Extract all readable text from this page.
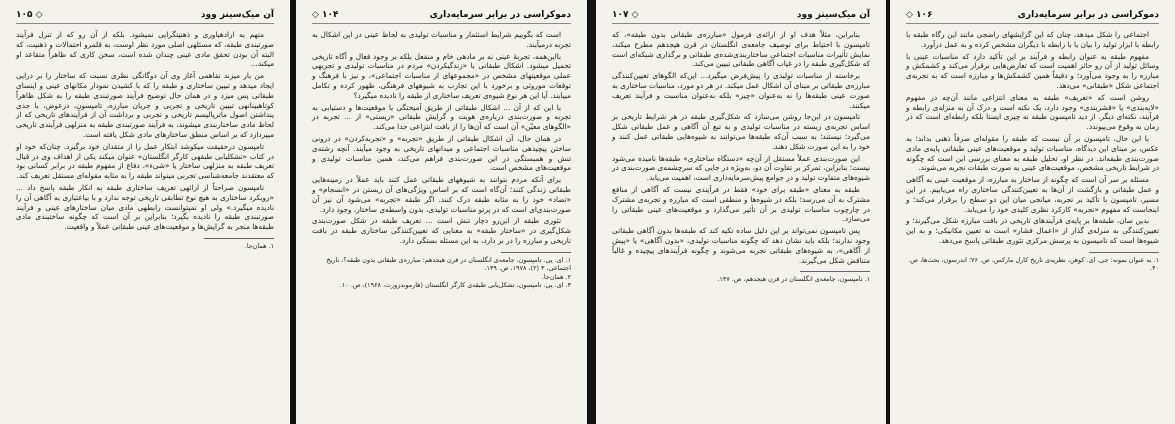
آن میک‌سینز وود
۱۰۵ ◇

متهم به ارادهباوری و ذهنیتگرایی نمیشود. بلکه از آن رو که از تنزل فرآیند صورتبندی طبقه، که مسئلهی اصلی مورد نظر اوست، به قلمرو احتمالات و ذهنیت، که البته آن بودن تحقق مادی عینی چندان شده است، سخن کاری که ظاهراً متقاعد او میکند...

من بار میزند تفاهمی آغاز وی آن دوگانگی نظری نسبت که ساختار را بر درایی ایجاد میدهد و تبیین ساختاری و طبقه را که با کشیدن نمودار مکانهای عینی و اینسای طبقاتی پس میزد و در همان حال توضیح فرآیند صورتبندی طبقه را به شکل ظاهراً کوتاهبینانهی تبیین تاریخی و تجربی و جریان مبارزه، تامپسون، درعوض، با جدی پنداشتن اصول ماتریالیسم تاریخی و تجربی و برداشت آن از فرآیندهای تاریخی که از لحاظ مادی ساختاربندی میشوند، به فرآیند صورتبندی طبقه به منزلهی فرآیندی تاریخی میپردازد که بر اساس منطق ساختارهای مادی شکل یافته است.

تامپسون درحقیقت میکوشد ابتکار عمل را از متقدان خود برگیرد. چنان‌که خود او در کتاب «تشکلیابی طبقهی کارگر انگلستان» عنوان میکند یکی از اهداف وی در قبال تعریف طبقه به منزلهی ساختار یا «شیء»، دفاع از مفهوم طبقه در برابر کسانی بود که معتقدند جامعه‌شناسی تجربی میتواند طبقه را به مثابه مقوله‌ای مستقل تعریف کند.

تامپسون صراحتاً از ارائهی تعریف ساختاری طبقه به انکار طبقه پاسخ داد ... «رویکرد ساختاری به هیچ نوع تطابقی تاریخی توجه ندارد و با بیاعتباری به آگاهی آن را نادیده میگیرد.» ولی او نمیتوانست رابطهی مادی میان ساختارهای عینی و فرآیند صورتبندی طبقه را نادیده بگیرد؛ بنابراین بر آن است که چگونه ساختبندی مادی طبقه‌ها منجر به گرایش‌ها و موقعیت‌های عینی طبقاتی عملاً و واقعیت.

۱. همان‌جا.
دموکراسی در برابر سرمایه‌داری
◇ ۱۰۴

است که بگوییم شرایط استثمار و مناسبات تولیدی به لحاظ عینی در این اشکال به تجربه درمیآیند.

بااین‌همه، تجربهٔ عینی نه بر مادهی خام و منفعل بلکه بر وجود فعال و آگاه تاریخی تحمیل میشود. اشکال طبقاتی با «زندگیکردن» مردم در مناسبات تولیدی و تجربهی عملی موقعیتهای مشخص در «مجموعهای از مناسبات اجتماعی»، و نیز با فرهنگ و توقعات موروثی و برخورد با این تجارب به شیوههای فرهنگی، ظهور کرده و تکامل مییابند. آیا این هر نوع شیوه‌ی تعریف ساختاری از طبقه را نادیده میگیرد؟

با این که از آن ... اشکال طبقاتی از طریق آمیختگی با موقعیت‌ها و دستیابی به تجربه و صورت‌بندی درباره‌ی هویت و گرایش طبقاتی «زیستی» از ... تجربه در «الگوهای معیّن» آن است که آن‌ها را از بافت انتزاعی جدا می‌کند.

در همان حال، آن اشکال طبقاتی از طریق «تجربه» و «تجربه‌کردن» در درونی ساختن پیچیدهی مناسبات اجتماعی و میدانهای تاریخی به وجود میآیند. آنچه رشته‌ی تنش و همبستگی در این صورت‌بندی فراهم می‌کند، همین مناسبات تولیدی و موقعیت‌های مشخص است.

برای آنکه مردم بتوانند به شیوههای طبقاتی عمل کنند باید عملاً در زمینه‌هایی طبقاتی زندگی کنند؛ آن‌گاه است که بر اساس ویژگی‌های آن زیستن در «انسجام» و «تضاد» خود را به مثابه طبقه درک کنند. اگر طبقه «تجربه» می‌شود آن نیز آن صورت‌بندی‌ای است که در پرتو مناسبات تولیدی، بدون واسطه‌ی ساختار، وجود دارد.

تئوری طبقه از این‌رو دچار تنش است ... تعریف طبقه در شکل صورت‌بندی شکل‌گیری در «ساختار طبقه» به معنایی که تعیین‌کنندگی ساختاری طبقه در بافت تاریخی و مبارزه را در بر دارد، به این مسئله بستگی دارد.

۱. ای. پی. تامپسون، جامعه‌ی انگلستان در قرن هیجدهم: مبارزه‌ی طبقاتی بدون طبقه؟، تاریخ اجتماعی، ۳ (۲)، ۱۹۷۸، ص. ۱۴۹.
۲. همان‌جا.
۳. ای. پی. تامپسون، تشکل‌یابی طبقه‌ی کارگر انگلستان (هارموندزورث، ۱۹۶۸)، ص. ۱۰.
آن میک‌سینز وود
۱۰۷ ◇

بنابراین، مثلاً هدف او از ارائه‌ی فرمول «مبارزه‌ی طبقاتی بدون طبقه»، که تامپسون با احتیاط برای توصیف جامعه‌ی انگلستان در قرن هیجدهم مطرح میکند، نمایش تأثیرات مناسبات اجتماعی ساختاربندی‌شده‌ی طبقاتی و برگذاری شبکه‌ای است که شکل‌گیری طبقه را در غیاب آگاهی طبقاتی تبیین می‌کند.

برخاسته از مناسبات تولیدی را پیش‌فرض میگیرد... این‌که الگوهای تعیین‌کنندگی مبارزه‌ی طبقاتی بر مبنای آن اشکال عمل میکند. در هر دو مورد، مناسبات ساختاری به صورت عینی طبقه‌ها را نه به‌عنوان «چیز» بلکه به‌عنوان مناسبت و فرآیند تعریف میکنند.

تامپسون در این‌جا روشن می‌سازد که شکل‌گیری طبقه در هر شرایط تاریخی بر اساس تجربه‌ی زیسته در مناسبات تولیدی و به تبع آن آگاهی و عمل طبقاتی شکل می‌گیرد؛ نیستند؛ به سبب آن‌که طبقه‌ها می‌توانند به شیوه‌هایی طبقاتی عمل کنند و خود را به این صورت شکل دهند.

این صورت‌بندی عملاً مستقل از آن‌چه «دستگاه ساختاری» طبقه‌ها نامیده می‌شود نیست؛ بنابراین، تمرکز بر تفاوت آن دو، به‌ویژه در جایی که سرچشمه‌ی صورت‌بندی در شیوه‌های متفاوت تولید و در جوامع پیش‌سرمایه‌داری است، اهمیت می‌یابد.

طبقه به معنای «طبقه برای خود» فقط در فرآیندی نیست که آگاهی از منافع مشترک به آن می‌رسد؛ بلکه در شیوه‌ها و منطقی است که مبارزه و تجربه‌ی مشترک در چارچوب مناسبات تولیدی بر آن تأثیر می‌گذارد و موقعیت‌های عینی طبقاتی را می‌سازد.

پس تامپسون نمی‌تواند بر این دلیل ساده تکیه کند که طبقه‌ها بدون آگاهی طبقاتی وجود ندارند؛ بلکه باید نشان دهد که چگونه مناسبات تولیدی، «بدون آگاهی» یا «پیش از آگاهی»، به شیوه‌های طبقاتی تجربه می‌شوند و چگونه فرآیندهای پیچیده و غالباً متناقض شکل می‌گیرند.

۱. تامپسون، جامعه‌ی انگلستان در قرن هیجدهم، ص. ۱۴۷.
دموکراسی در برابر سرمایه‌داری
◇ ۱۰۶

اجتماعی را شکل میدهد، چنان که این گرایشهای راضجی مانند این رگاه طبقه با رابطه با ابزار تولید را بیان یا با رابطه با دیگران مشخص کرده و به عمل درآورد.

مفهوم طبقه به عنوان رابطه و فرآیند بر این تأکید دارد که مناسبات عینی با وسائل تولید از آن رو حائز اهمیت است که تعارض‌هایی برقرار می‌کند و کشمکش و مبارزه را به وجود می‌آورد؛ و دقیقاً همین کشمکش‌ها و مبارزه است که به تجربه‌ی اجتماعی شکل «طبقاتی» می‌دهد.

روشن است که «تعریف» طبقه به معنای انتزاعی مانند آن‌چه در مفهوم «لایه‌بندی» یا «قشربندی» وجود دارد، یک نکته است و درک آن به منزله‌ی رابطه و فرآیند، نکته‌ای دیگر. از دید تامپسون طبقه نه چیزی ایستا بلکه رابطه‌ای است که در زمان به وقوع می‌پیوندد.

با این حال، تامپسون بر آن نیست که طبقه را مقوله‌ای صرفاً ذهنی بداند؛ به ‌عکس، بر مبنای این دیدگاه، مناسبات تولید و موقعیت‌های عینی طبقاتی پایه‌ی مادی صورت‌بندی طبقه‌اند. در نظر او، تحلیل طبقه به معنای بررسی این است که چگونه در شرایط تاریخی مشخص، موقعیت‌های عینی به صورت طبقات تجربه می‌شوند.

مسئله بر سر آن است که چگونه از ساختار به مبارزه، از موقعیت عینی به آگاهی و عمل طبقاتی و بازگشت از آن‌ها به تعیین‌کنندگی ساختاری راه می‌یابیم. در این مسیر، تامپسون با تأکید بر تجربه، میانجی میان این دو سطح را برقرار می‌کند؛ و اینجاست که مفهوم «تجربه» کارکرد نظری کلیدی خود را می‌یابد.

بدین سان، طبقه‌ها بر پایه‌ی فرآیندهای تاریخی در بافت مبارزه شکل می‌گیرند؛ و تعیین‌کنندگی به منزله‌ی گذار از «اعمال فشار» است نه تعیین مکانیکی؛ و به این شیوه‌ها است که تامپسون به پرسش مرکزی تئوری طبقاتی پاسخ می‌دهد.

۱. به عنوان نمونه: جی. ای. کوهن، نظریه‌ی تاریخ کارل مارکس، ص. ۷۶؛ اندرسون، بحث‌ها، ص. ۴۰.
